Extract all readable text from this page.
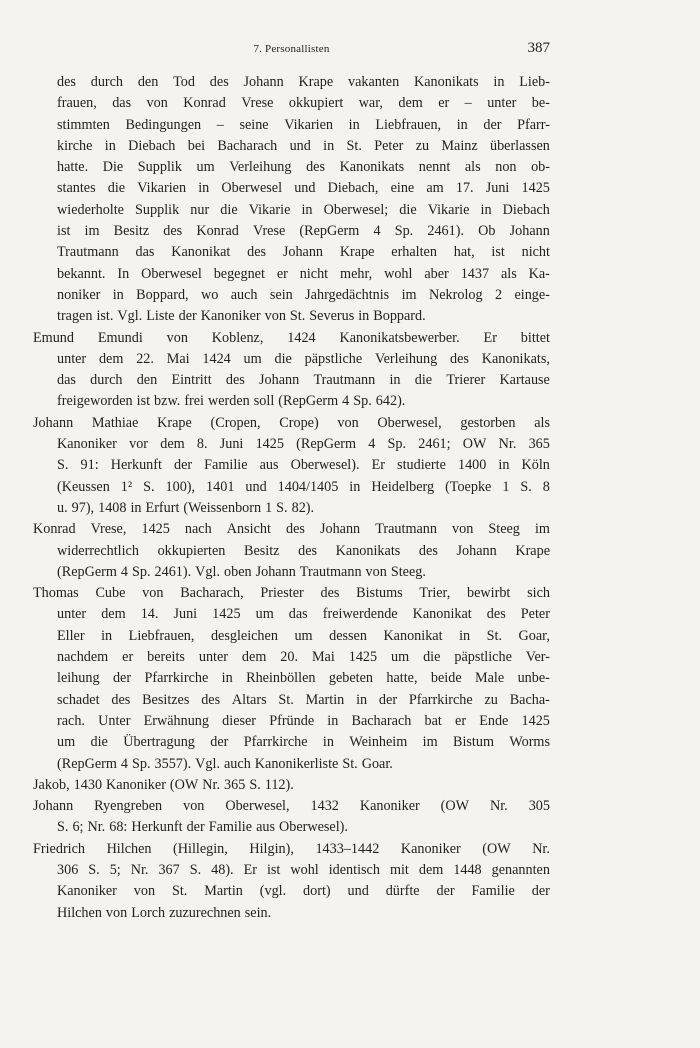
7. Personallisten	387
des durch den Tod des Johann Krape vakanten Kanonikats in Lieb-
frauen, das von Konrad Vrese okkupiert war, dem er – unter be-
stimmten Bedingungen – seine Vikarien in Liebfrauen, in der Pfarr-
kirche in Diebach bei Bacharach und in St. Peter zu Mainz überlassen
hatte. Die Supplik um Verleihung des Kanonikats nennt als non ob-
stantes die Vikarien in Oberwesel und Diebach, eine am 17. Juni 1425
wiederholte Supplik nur die Vikarie in Oberwesel; die Vikarie in Diebach
ist im Besitz des Konrad Vrese (RepGerm 4 Sp. 2461). Ob Johann
Trautmann das Kanonikat des Johann Krape erhalten hat, ist nicht
bekannt. In Oberwesel begegnet er nicht mehr, wohl aber 1437 als Ka-
noniker in Boppard, wo auch sein Jahrgedächtnis im Nekrolog 2 einge-
tragen ist. Vgl. Liste der Kanoniker von St. Severus in Boppard.
Emund Emundi von Koblenz, 1424 Kanonikatsbewerber. Er bittet
unter dem 22. Mai 1424 um die päpstliche Verleihung des Kanonikats,
das durch den Eintritt des Johann Trautmann in die Trierer Kartause
freigeworden ist bzw. frei werden soll (RepGerm 4 Sp. 642).
Johann Mathiae Krape (Cropen, Crope) von Oberwesel, gestorben als
Kanoniker vor dem 8. Juni 1425 (RepGerm 4 Sp. 2461; OW Nr. 365
S. 91: Herkunft der Familie aus Oberwesel). Er studierte 1400 in Köln
(Keussen 1² S. 100), 1401 und 1404/1405 in Heidelberg (Toepke 1 S. 8
u. 97), 1408 in Erfurt (Weissenborn 1 S. 82).
Konrad Vrese, 1425 nach Ansicht des Johann Trautmann von Steeg im
widerrechtlich okkupierten Besitz des Kanonikats des Johann Krape
(RepGerm 4 Sp. 2461). Vgl. oben Johann Trautmann von Steeg.
Thomas Cube von Bacharach, Priester des Bistums Trier, bewirbt sich
unter dem 14. Juni 1425 um das freiwerdende Kanonikat des Peter
Eller in Liebfrauen, desgleichen um dessen Kanonikat in St. Goar,
nachdem er bereits unter dem 20. Mai 1425 um die päpstliche Ver-
leihung der Pfarrkirche in Rheinböllen gebeten hatte, beide Male unbe-
schadet des Besitzes des Altars St. Martin in der Pfarrkirche zu Bacha-
rach. Unter Erwähnung dieser Pfründe in Bacharach bat er Ende 1425
um die Übertragung der Pfarrkirche in Weinheim im Bistum Worms
(RepGerm 4 Sp. 3557). Vgl. auch Kanonikerliste St. Goar.
Jakob, 1430 Kanoniker (OW Nr. 365 S. 112).
Johann Ryengreben von Oberwesel, 1432 Kanoniker (OW Nr. 305
S. 6; Nr. 68: Herkunft der Familie aus Oberwesel).
Friedrich Hilchen (Hillegin, Hilgin), 1433–1442 Kanoniker (OW Nr.
306 S. 5; Nr. 367 S. 48). Er ist wohl identisch mit dem 1448 genannten
Kanoniker von St. Martin (vgl. dort) und dürfte der Familie der
Hilchen von Lorch zuzurechnen sein.
